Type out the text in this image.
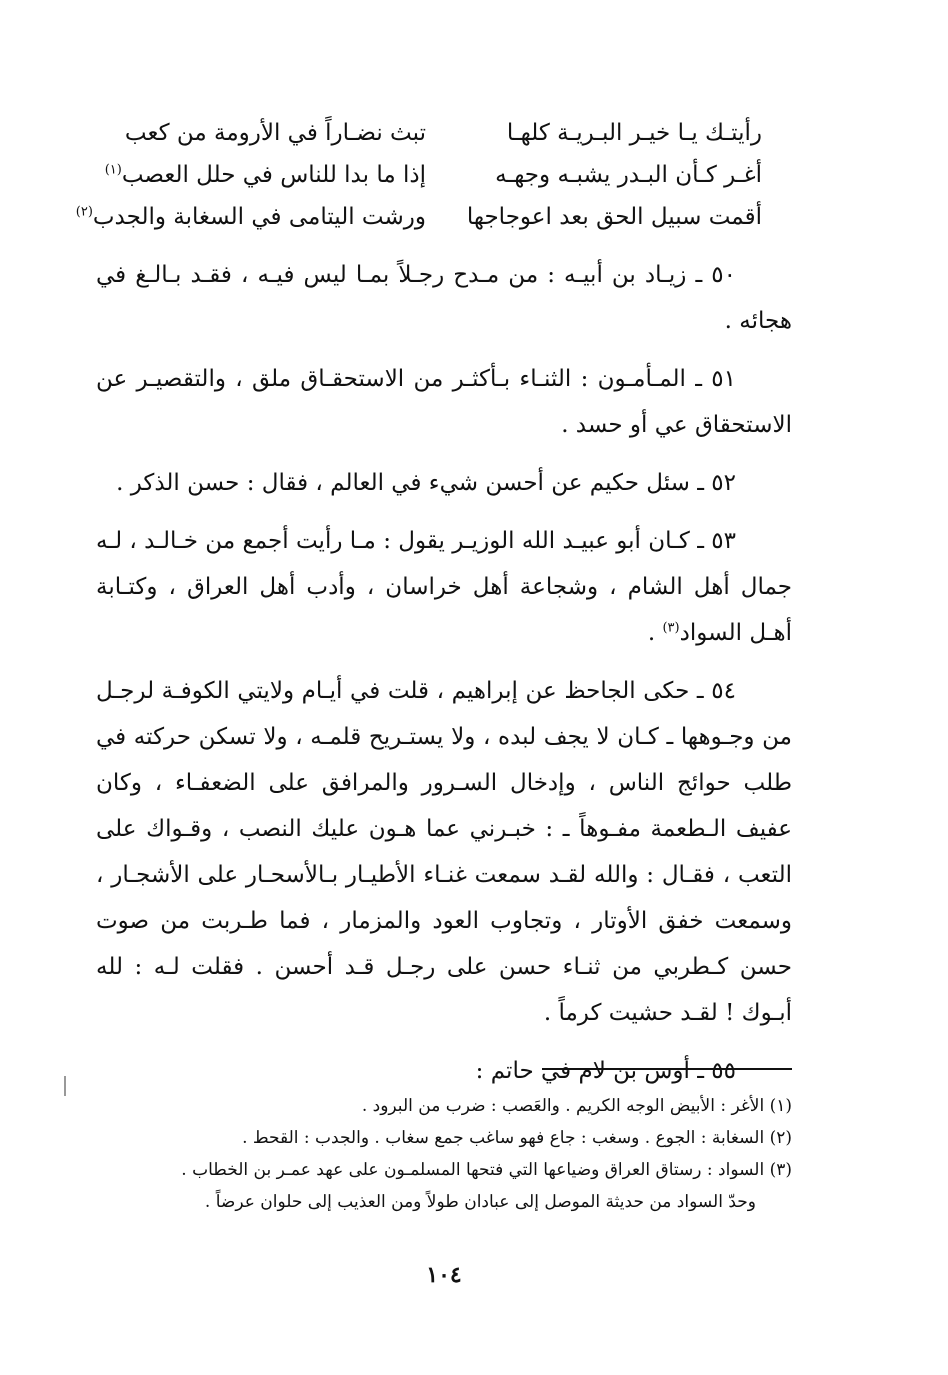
رأيتـك يـا خيـر البـريـة كلهـا
تبث نضـاراً في الأرومة من كعب
أغـر كـأن البـدر يشبـه وجهـه
إذا ما بدا للناس في حلل العصب$^{(١)}$
أقمت سبيل الحق بعد اعوجاجها
ورشت اليتامى في السغابة والجدب$^{(٢)}$

٥٠ ـ زيـاد بن أبيـه : من مـدح رجـلاً بمـا ليس فيـه ، فقـد بـالـغ في هجائه .

٥١ ـ المـأمـون : الثنـاء بـأكثـر من الاستحقـاق ملق ، والتقصيـر عن الاستحقاق عي أو حسد .

٥٢ ـ سئل حكيم عن أحسن شيء في العالم ، فقال : حسن الذكر .

٥٣ ـ كـان أبو عبيـد الله الوزيـر يقول : مـا رأيت أجمع من خـالـد ، لـه جمال أهل الشام ، وشجاعة أهل خراسان ، وأدب أهل العراق ، وكتـابة أهـل السواد$^{(٣)}$ .

٥٤ ـ حكى الجاحظ عن إبراهيم ، قلت في أيـام ولايتي الكوفـة لرجـل من وجـوهها ـ كـان لا يجف لبده ، ولا يستـريح قلمـه ، ولا تسكن حركته في طلب حوائج الناس ، وإدخال السـرور والمرافق على الضعفـاء ، وكان عفيف الـطعمة مفـوهاً ـ : خبـرني عما هـون عليك النصب ، وقـواك على التعب ، فقـال : والله لقـد سمعت غنـاء الأطيـار بـالأسحـار على الأشجـار ، وسمعت خفق الأوتار ، وتجاوب العود والمزمار ، فما طـربت من صوت حسن كـطربي من ثنـاء حسن على رجـل قـد أحسن . فقلت لـه : لله أبـوك ! لقـد حشيت كرماً .

٥٥ ـ أوس بن لام في حاتم :

(١) الأغر : الأبيض الوجه الكريم . والعَصب : ضرب من البرود .

(٢) السغابة : الجوع . وسغب : جاع فهو ساغب جمع سغاب . والجدب : القحط .

(٣) السواد : رستاق العراق وضياعها التي فتحها المسلمـون على عهد عمـر بن الخطاب .

وحدّ السواد من حديثة الموصل إلى عبادان طولاً ومن العذيب إلى حلوان عرضاً .

١٠٤
